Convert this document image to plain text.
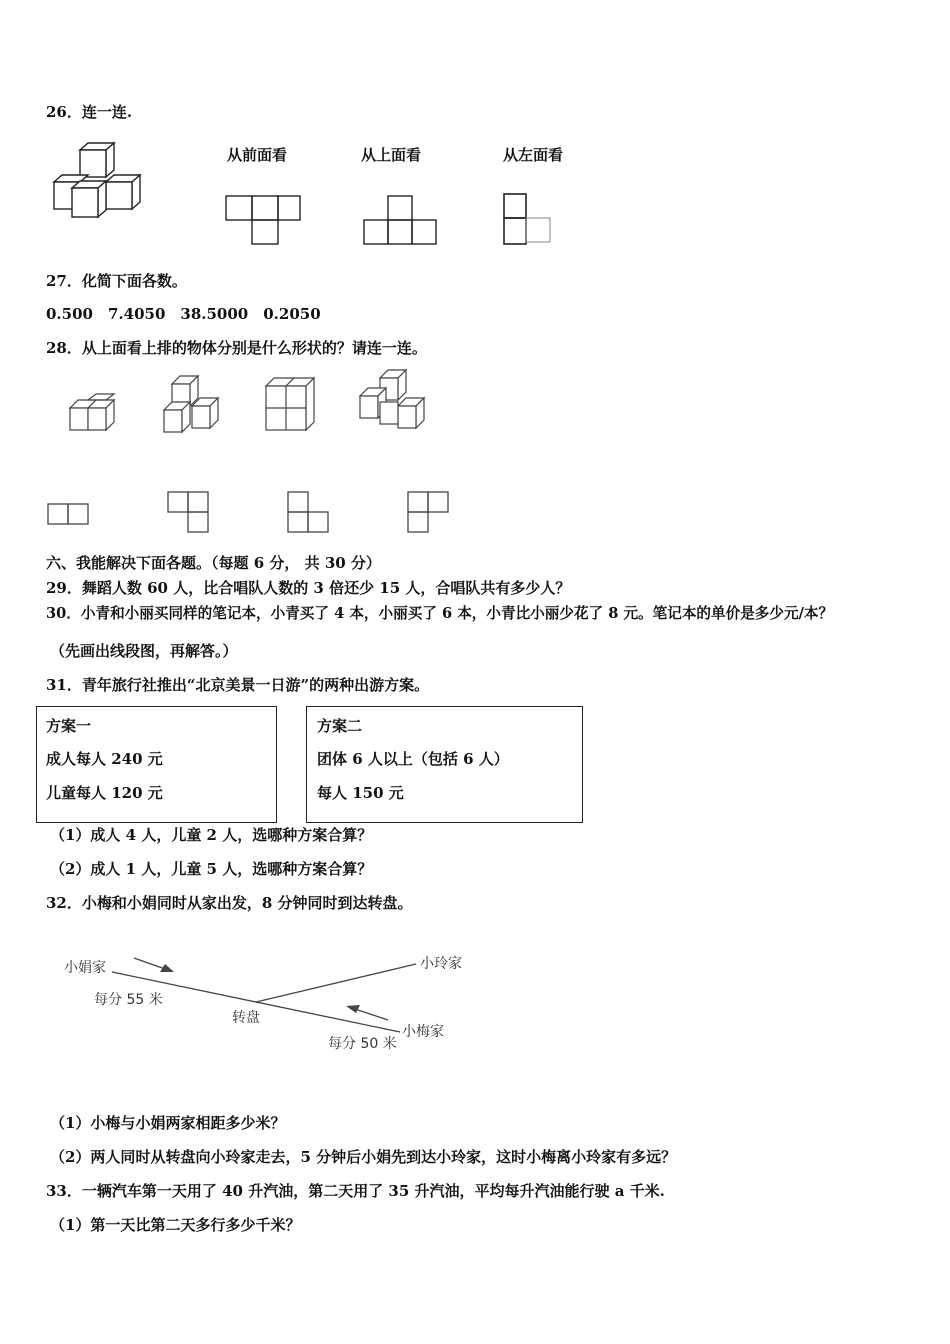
26．连一连.
从前面看	从上面看	从左面看
27．化简下面各数。
0.500　7.4050　38.5000　0.2050
28．从上面看上排的物体分别是什么形状的？请连一连。
六、我能解决下面各题。（每题 6 分， 共 30 分）
29．舞蹈人数 60 人，比合唱队人数的 3 倍还少 15 人，合唱队共有多少人？
30．小青和小丽买同样的笔记本，小青买了 4 本，小丽买了 6 本，小青比小丽少花了 8 元。笔记本的单价是多少元/本？
（先画出线段图，再解答。）
31．青年旅行社推出“北京美景一日游”的两种出游方案。
方案一
成人每人 240 元
儿童每人 120 元
方案二
团体 6 人以上（包括 6 人）
每人 150 元
（1）成人 4 人，儿童 2 人，选哪种方案合算？
（2）成人 1 人，儿童 5 人，选哪种方案合算？
32．小梅和小娟同时从家出发，8 分钟同时到达转盘。
小娟家	小玲家
小梅家
转盘
每分 55 米
每分 50 米
（1）小梅与小娟两家相距多少米？
（2）两人同时从转盘向小玲家走去，5 分钟后小娟先到达小玲家，这时小梅离小玲家有多远？
33．一辆汽车第一天用了 40 升汽油，第二天用了 35 升汽油，平均每升汽油能行驶 a 千米.
（1）第一天比第二天多行多少千米？
